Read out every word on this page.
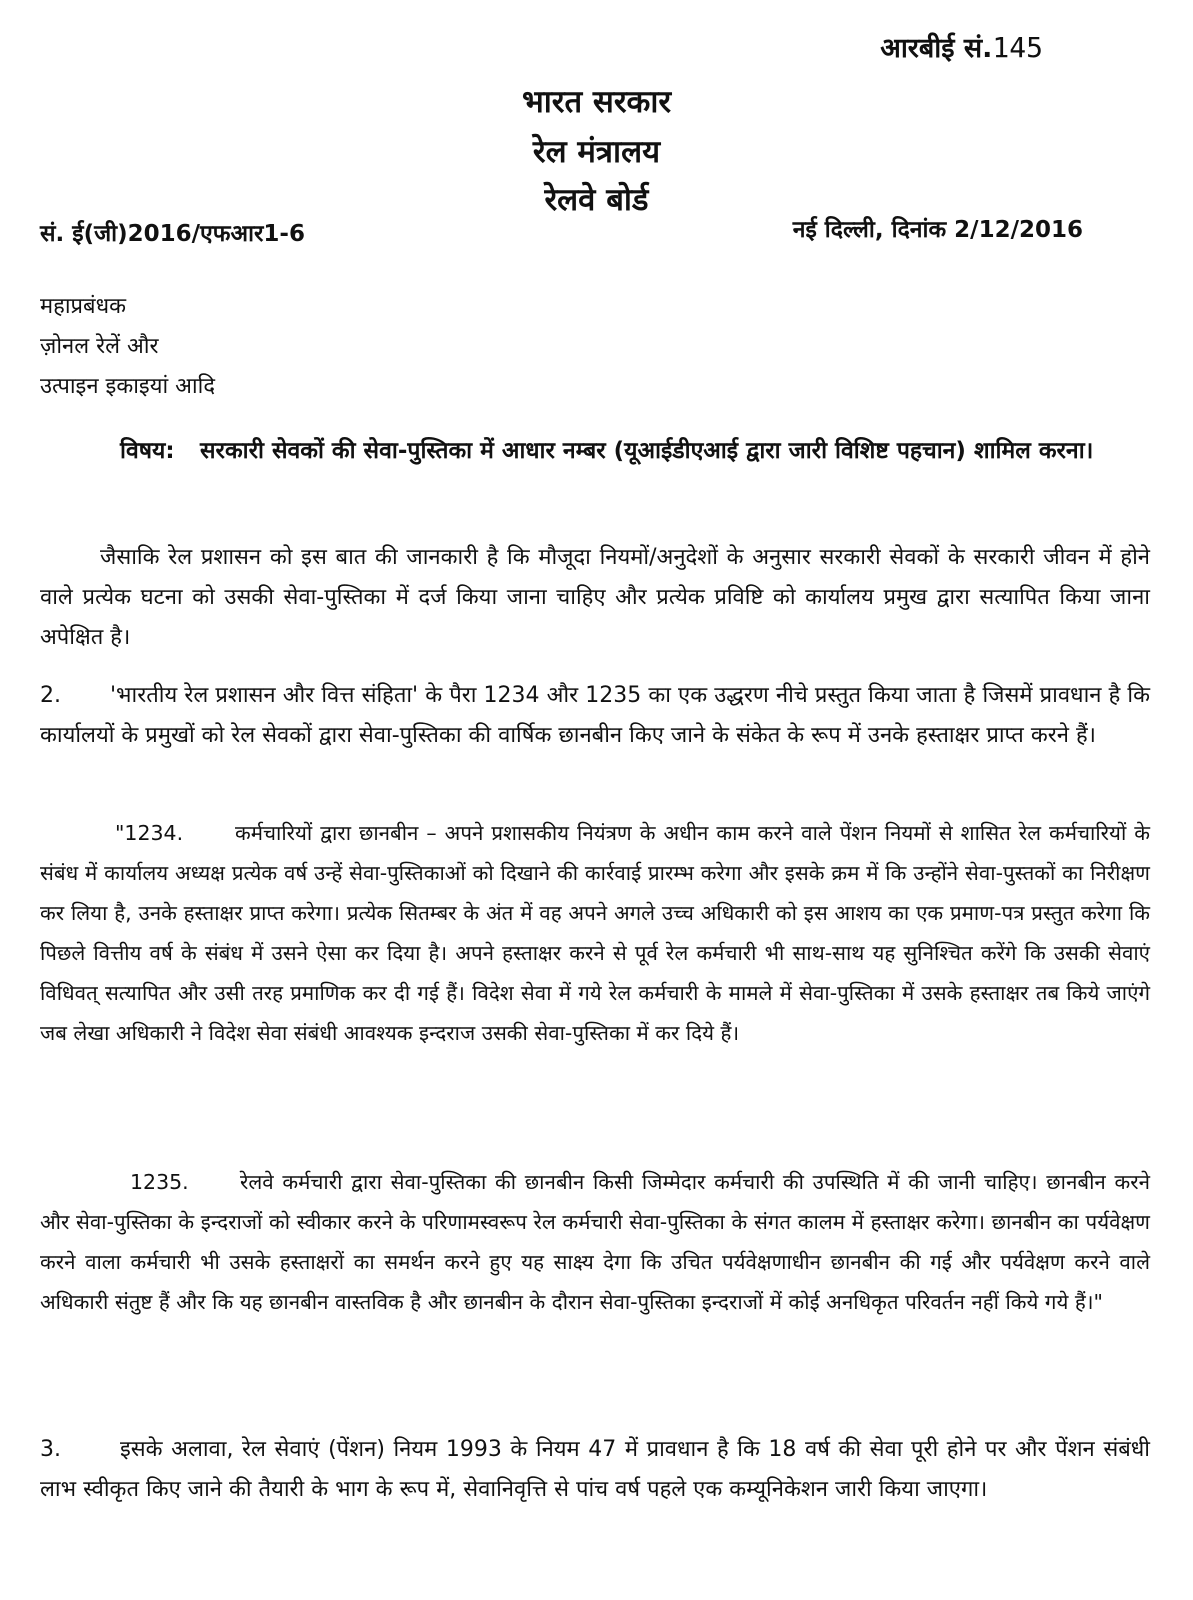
आरबीई सं.145
भारत सरकार
रेल मंत्रालय
रेलवे बोर्ड
सं. ई(जी)2016/एफआर1-6	नई दिल्ली, दिनांक 2/12/2016
महाप्रबंधक
ज़ोनल रेलें और
उत्पाइन इकाइयां आदि
विषय: सरकारी सेवकों की सेवा-पुस्तिका में आधार नम्बर (यूआईडीएआई द्वारा जारी विशिष्ट पहचान) शामिल करना।
जैसाकि रेल प्रशासन को इस बात की जानकारी है कि मौजूदा नियमों/अनुदेशों के अनुसार सरकारी सेवकों के सरकारी जीवन में होने वाले प्रत्येक घटना को उसकी सेवा-पुस्तिका में दर्ज किया जाना चाहिए और प्रत्येक प्रविष्टि को कार्यालय प्रमुख द्वारा सत्यापित किया जाना अपेक्षित है।
2. 'भारतीय रेल प्रशासन और वित्त संहिता' के पैरा 1234 और 1235 का एक उद्धरण नीचे प्रस्तुत किया जाता है जिसमें प्रावधान है कि कार्यालयों के प्रमुखों को रेल सेवकों द्वारा सेवा-पुस्तिका की वार्षिक छानबीन किए जाने के संकेत के रूप में उनके हस्ताक्षर प्राप्त करने हैं।
"1234.	कर्मचारियों द्वारा छानबीन – अपने प्रशासकीय नियंत्रण के अधीन काम करने वाले पेंशन नियमों से शासित रेल कर्मचारियों के संबंध में कार्यालय अध्यक्ष प्रत्येक वर्ष उन्हें सेवा-पुस्तिकाओं को दिखाने की कार्रवाई प्रारम्भ करेगा और इसके क्रम में कि उन्होंने सेवा-पुस्तकों का निरीक्षण कर लिया है, उनके हस्ताक्षर प्राप्त करेगा। प्रत्येक सितम्बर के अंत में वह अपने अगले उच्च अधिकारी को इस आशय का एक प्रमाण-पत्र प्रस्तुत करेगा कि पिछले वित्तीय वर्ष के संबंध में उसने ऐसा कर दिया है। अपने हस्ताक्षर करने से पूर्व रेल कर्मचारी भी साथ-साथ यह सुनिश्चित करेंगे कि उसकी सेवाएं विधिवत् सत्यापित और उसी तरह प्रमाणिक कर दी गई हैं। विदेश सेवा में गये रेल कर्मचारी के मामले में सेवा-पुस्तिका में उसके हस्ताक्षर तब किये जाएंगे जब लेखा अधिकारी ने विदेश सेवा संबंधी आवश्यक इन्दराज उसकी सेवा-पुस्तिका में कर दिये हैं।
1235.	रेलवे कर्मचारी द्वारा सेवा-पुस्तिका की छानबीन किसी जिम्मेदार कर्मचारी की उपस्थिति में की जानी चाहिए। छानबीन करने और सेवा-पुस्तिका के इन्दराजों को स्वीकार करने के परिणामस्वरूप रेल कर्मचारी सेवा-पुस्तिका के संगत कालम में हस्ताक्षर करेगा। छानबीन का पर्यवेक्षण करने वाला कर्मचारी भी उसके हस्ताक्षरों का समर्थन करने हुए यह साक्ष्य देगा कि उचित पर्यवेक्षणाधीन छानबीन की गई और पर्यवेक्षण करने वाले अधिकारी संतुष्ट हैं और कि यह छानबीन वास्तविक है और छानबीन के दौरान सेवा-पुस्तिका इन्दराजों में कोई अनधिकृत परिवर्तन नहीं किये गये हैं।"
3.	इसके अलावा, रेल सेवाएं (पेंशन) नियम 1993 के नियम 47 में प्रावधान है कि 18 वर्ष की सेवा पूरी होने पर और पेंशन संबंधी लाभ स्वीकृत किए जाने की तैयारी के भाग के रूप में, सेवानिवृत्ति से पांच वर्ष पहले एक कम्यूनिकेशन जारी किया जाएगा।
